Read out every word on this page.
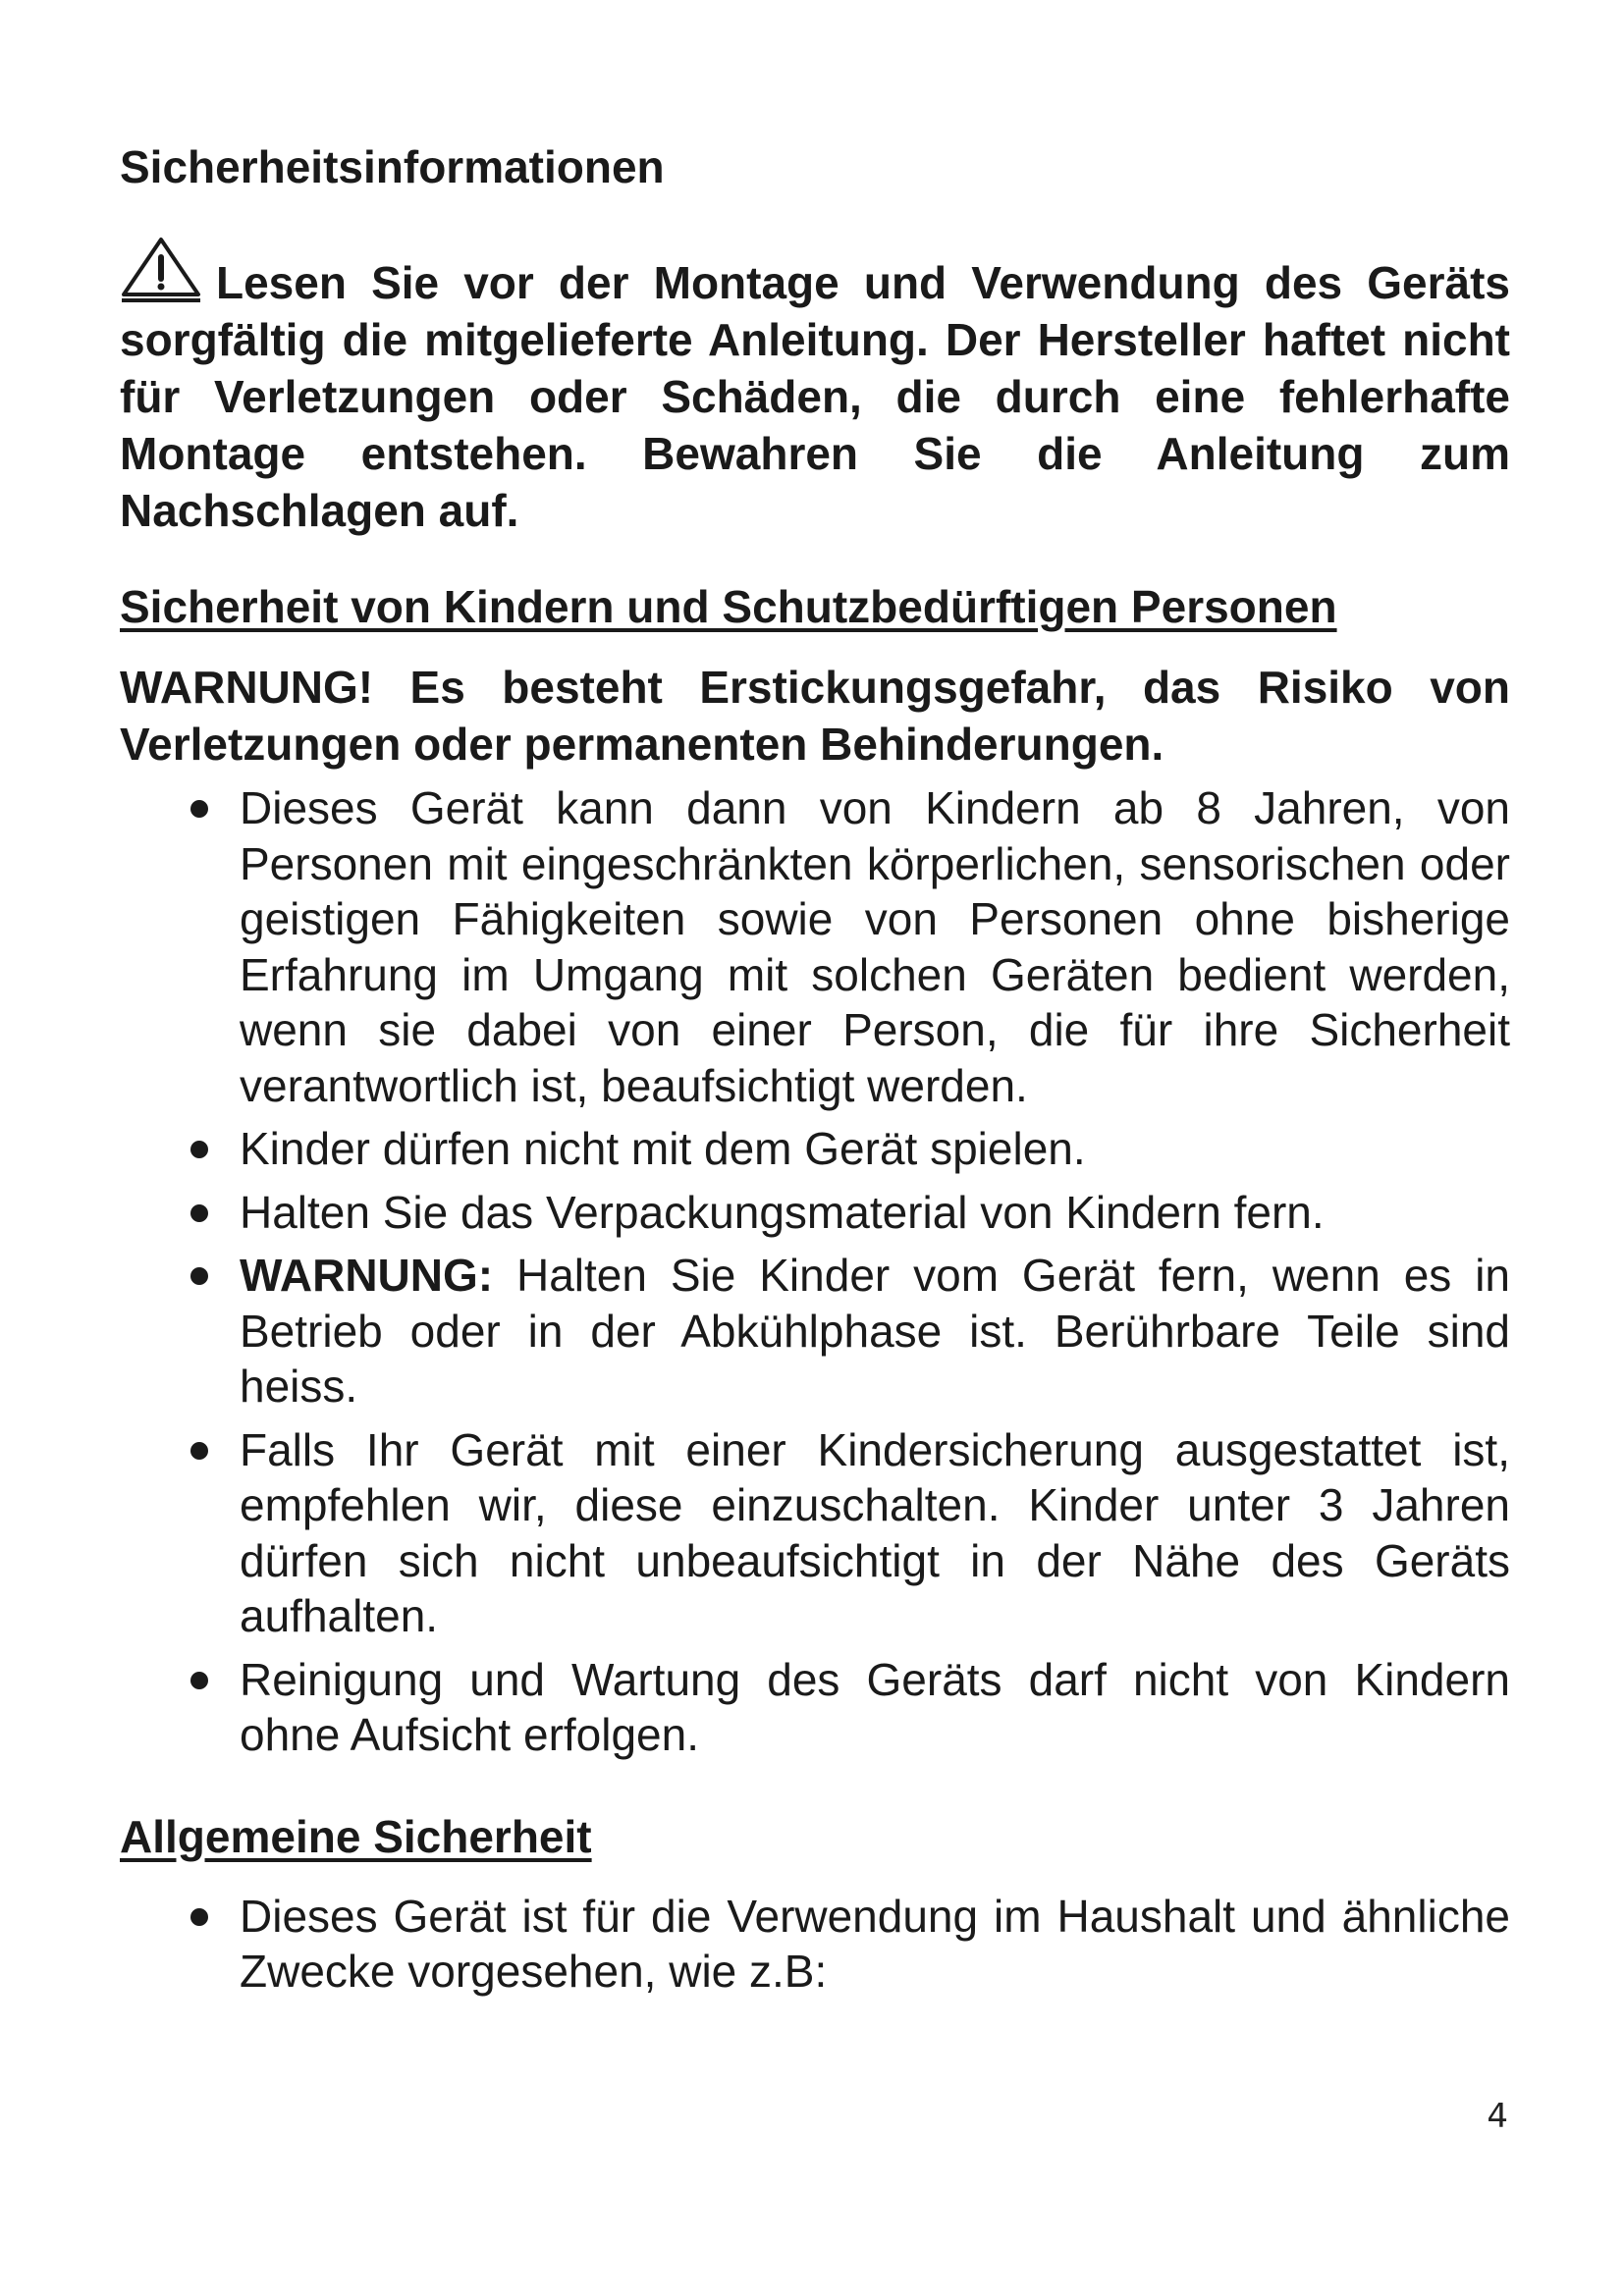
Sicherheitsinformationen

Lesen Sie vor der Montage und Verwendung des Geräts sorgfältig die mitgelieferte Anleitung. Der Hersteller haftet nicht für Verletzungen oder Schäden, die durch eine fehlerhafte Montage entstehen. Bewahren Sie die Anleitung zum Nachschlagen auf.

Sicherheit von Kindern und Schutzbedürftigen Personen

WARNUNG! Es besteht Erstickungsgefahr, das Risiko von Verletzungen oder permanenten Behinderungen.

Dieses Gerät kann dann von Kindern ab 8 Jahren, von Personen mit eingeschränkten körperlichen, sensorischen oder geistigen Fähigkeiten sowie von Personen ohne bisherige Erfahrung im Umgang mit solchen Geräten bedient werden, wenn sie dabei von einer Person, die für ihre Sicherheit verantwortlich ist, beaufsichtigt werden.
Kinder dürfen nicht mit dem Gerät spielen.
Halten Sie das Verpackungsmaterial von Kindern fern.
WARNUNG: Halten Sie Kinder vom Gerät fern, wenn es in Betrieb oder in der Abkühlphase ist. Berührbare Teile sind heiss.
Falls Ihr Gerät mit einer Kindersicherung ausgestattet ist, empfehlen wir, diese einzuschalten. Kinder unter 3 Jahren dürfen sich nicht unbeaufsichtigt in der Nähe des Geräts aufhalten.
Reinigung und Wartung des Geräts darf nicht von Kindern ohne Aufsicht erfolgen.
Allgemeine Sicherheit
Dieses Gerät ist für die Verwendung im Haushalt und ähnliche Zwecke vorgesehen, wie z.B:
4
